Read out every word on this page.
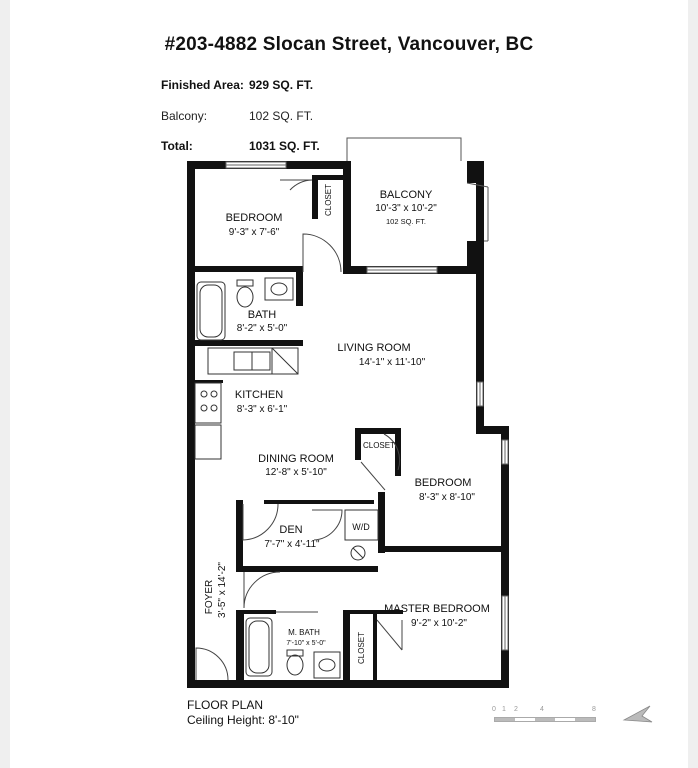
#203-4882 Slocan Street, Vancouver, BC
Finished Area: 929 SQ. FT.
Balcony:	102 SQ. FT.
Total:	1031 SQ. FT.
BEDROOM
9'-3" x 7'-6"
CLOSET	BALCONY
10'-3" x 10'-2"
102 SQ. FT.
BATH
8'-2" x 5'-0"
LIVING ROOM
14'-1" x 11'-10"
KITCHEN
8'-3" x 6'-1"
DINING ROOM
12'-8" x 5'-10"
CLOSET
BEDROOM
8'-3" x 8'-10"
DEN
7'-7" x 4'-11"
W/D
FOYER 3'-5" x 14'-2"	MASTER BEDROOM
9'-2" x 10'-2"
M. BATH
7'-10" x 5'-0"	CLOSET
FLOOR PLAN
Ceiling Height: 8'-10"
0 1 2	4	8
